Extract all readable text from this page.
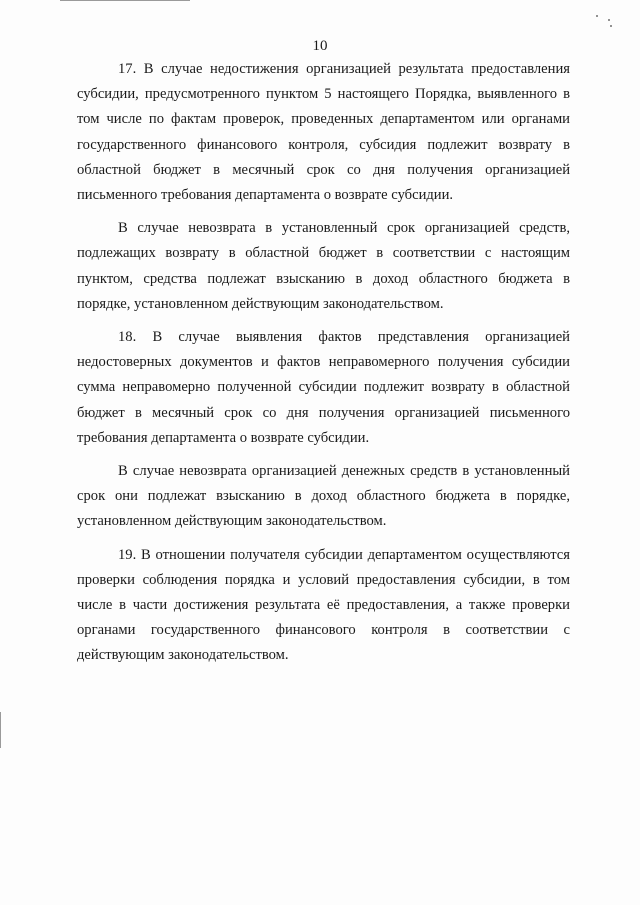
10

17. В случае недостижения организацией результата предоставления субсидии, предусмотренного пунктом 5 настоящего Порядка, выявленного в том числе по фактам проверок, проведенных департаментом или органами государственного финансового контроля, субсидия подлежит возврату в областной бюджет в месячный срок со дня получения организацией письменного требования департамента о возврате субсидии.

В случае невозврата в установленный срок организацией средств, подлежащих возврату в областной бюджет в соответствии с настоящим пунктом, средства подлежат взысканию в доход областного бюджета в порядке, установленном действующим законодательством.

18. В случае выявления фактов представления организацией недостоверных документов и фактов неправомерного получения субсидии сумма неправомерно полученной субсидии подлежит возврату в областной бюджет в месячный срок со дня получения организацией письменного требования департамента о возврате субсидии.

В случае невозврата организацией денежных средств в установленный срок они подлежат взысканию в доход областного бюджета в порядке, установленном действующим законодательством.

19. В отношении получателя субсидии департаментом осуществляются проверки соблюдения порядка и условий предоставления субсидии, в том числе в части достижения результата её предоставления, а также проверки органами государственного финансового контроля в соответствии с действующим законодательством.
